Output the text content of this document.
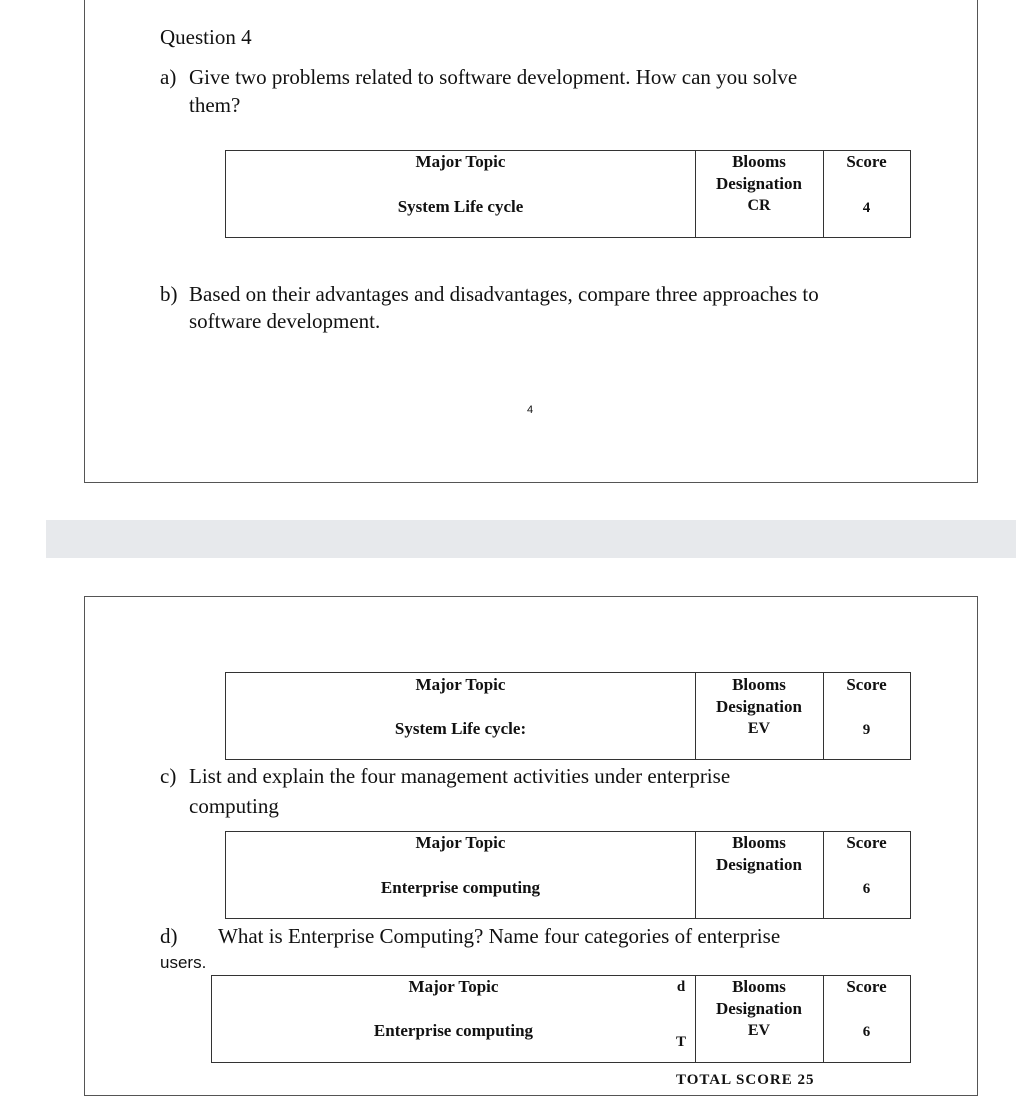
Question 4
a) Give two problems related to software development. How can you solve
them?
Major Topic
System Life cycle
Blooms
Designation
CR
Score
4
b) Based on their advantages and disadvantages, compare three approaches to
software development.
4
Major Topic
System Life cycle:
Blooms
Designation
EV
Score
9
c) List and explain the four management activities under enterprise
computing
Major Topic
Enterprise computing
Blooms
Designation
Score
6
d) What is Enterprise Computing? Name four categories of enterprise
users.
Major Topic
Enterprise computing
d
T
Blooms
Designation
EV
Score
6
TOTAL SCORE 25
